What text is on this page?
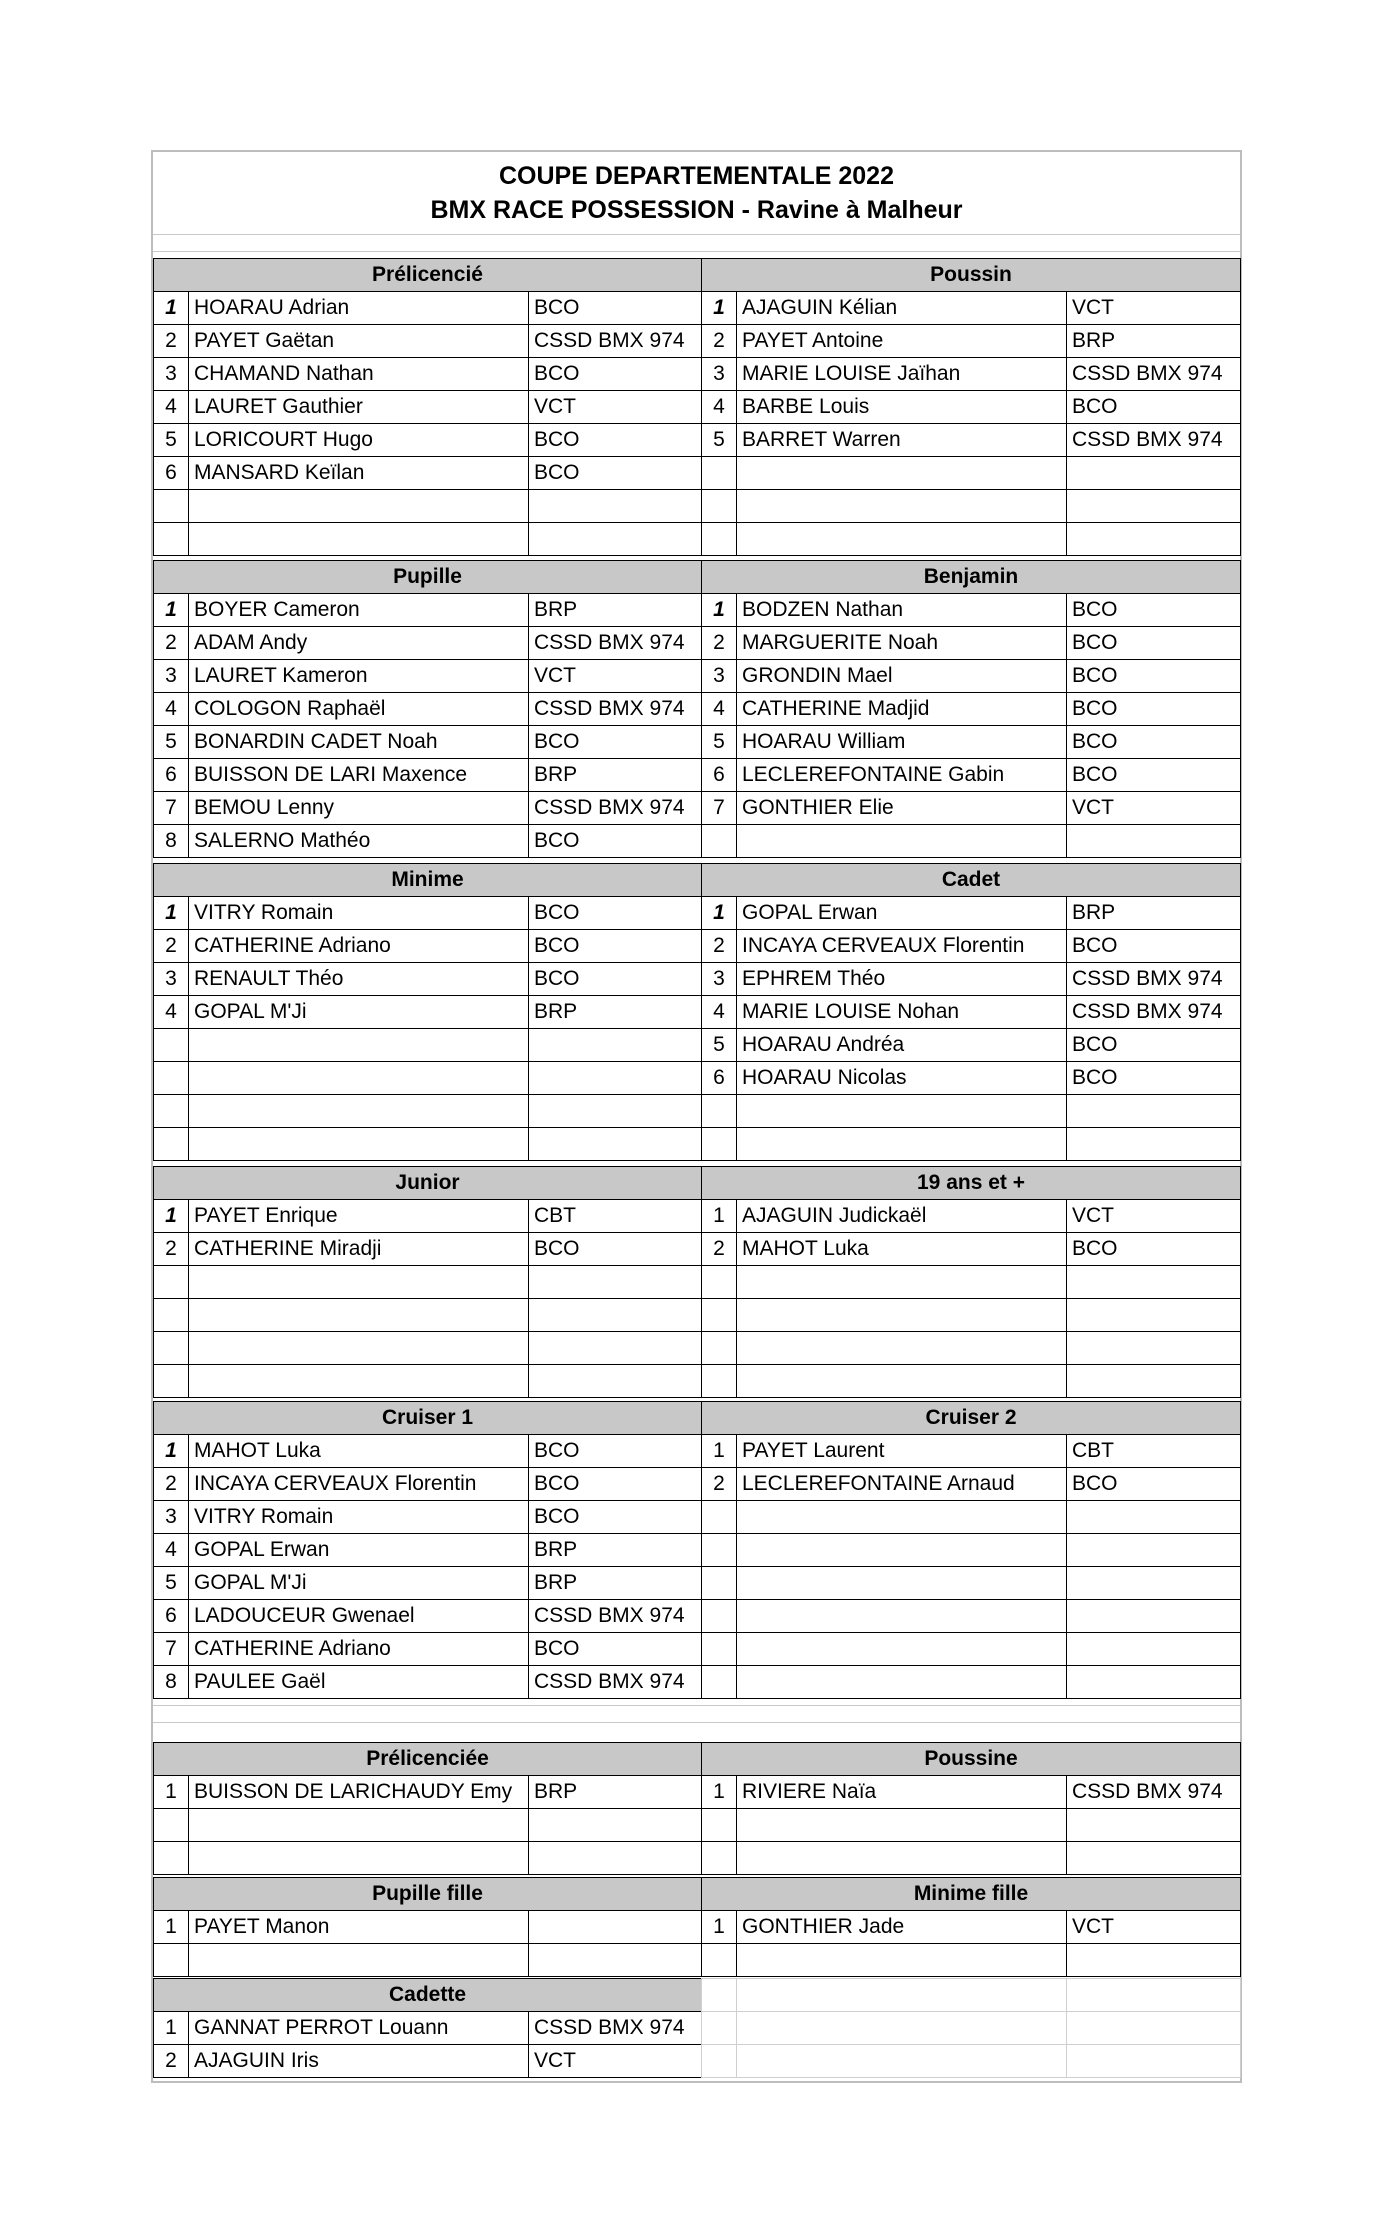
COUPE DEPARTEMENTALE 2022
BMX RACE POSSESSION - Ravine à Malheur
Prélicencié		
1	HOARAU Adrian	BCO
2	PAYET Gaëtan	CSSD BMX 974
3	CHAMAND Nathan	BCO
4	LAURET Gauthier	VCT
5	LORICOURT Hugo	BCO
6	MANSARD Keïlan	BCO

Poussin		
1	AJAGUIN Kélian	VCT
2	PAYET Antoine	BRP
3	MARIE LOUISE Jaïhan	CSSD BMX 974
4	BARBE Louis	BCO
5	BARRET Warren	CSSD BMX 974

Pupille		
1	BOYER Cameron	BRP
2	ADAM Andy	CSSD BMX 974
3	LAURET Kameron	VCT
4	COLOGON Raphaël	CSSD BMX 974
5	BONARDIN CADET Noah	BCO
6	BUISSON DE LARI Maxence	BRP
7	BEMOU Lenny	CSSD BMX 974
8	SALERNO Mathéo	BCO
Benjamin		
1	BODZEN Nathan	BCO
2	MARGUERITE Noah	BCO
3	GRONDIN Mael	BCO
4	CATHERINE Madjid	BCO
5	HOARAU William	BCO
6	LECLEREFONTAINE Gabin	BCO
7	GONTHIER Elie	VCT

Minime		
1	VITRY Romain	BCO
2	CATHERINE Adriano	BCO
3	RENAULT Théo	BCO
4	GOPAL M'Ji	BRP

Cadet		
1	GOPAL Erwan	BRP
2	INCAYA CERVEAUX Florentin	BCO
3	EPHREM Théo	CSSD BMX 974
4	MARIE LOUISE Nohan	CSSD BMX 974
5	HOARAU Andréa	BCO
6	HOARAU Nicolas	BCO

Junior		
1	PAYET Enrique	CBT
2	CATHERINE Miradji	BCO

19 ans et +		
1	AJAGUIN Judickaël	VCT
2	MAHOT Luka	BCO

Cruiser 1		
1	MAHOT Luka	BCO
2	INCAYA CERVEAUX Florentin	BCO
3	VITRY Romain	BCO
4	GOPAL Erwan	BRP
5	GOPAL M'Ji	BRP
6	LADOUCEUR Gwenael	CSSD BMX 974
7	CATHERINE Adriano	BCO
8	PAULEE Gaël	CSSD BMX 974
Cruiser 2		
1	PAYET Laurent	CBT
2	LECLEREFONTAINE Arnaud	BCO

Prélicenciée		
1	BUISSON DE LARICHAUDY Emy	BRP

Poussine		
1	RIVIERE Naïa	CSSD BMX 974

Pupille fille		
1	PAYET Manon	

Minime fille		
1	GONTHIER Jade	VCT

Cadette		
1	GANNAT PERROT Louann	CSSD BMX 974
2	AJAGUIN Iris	VCT
